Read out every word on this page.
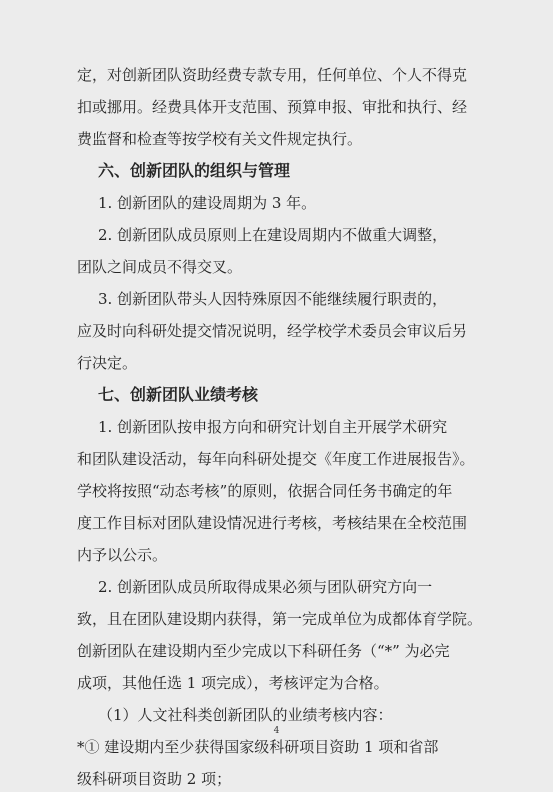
定，对创新团队资助经费专款专用，任何单位、个人不得克
扣或挪用。经费具体开支范围、预算申报、审批和执行、经
费监督和检查等按学校有关文件规定执行。
六、创新团队的组织与管理
1. 创新团队的建设周期为 3 年。
2. 创新团队成员原则上在建设周期内不做重大调整，
团队之间成员不得交叉。
3. 创新团队带头人因特殊原因不能继续履行职责的，
应及时向科研处提交情况说明，经学校学术委员会审议后另
行决定。
七、创新团队业绩考核
1. 创新团队按申报方向和研究计划自主开展学术研究
和团队建设活动，每年向科研处提交《年度工作进展报告》。
学校将按照“动态考核”的原则，依据合同任务书确定的年
度工作目标对团队建设情况进行考核，考核结果在全校范围
内予以公示。
2. 创新团队成员所取得成果必须与团队研究方向一
致，且在团队建设期内获得，第一完成单位为成都体育学院。
创新团队在建设期内至少完成以下科研任务（“*” 为必完
成项，其他任选 1 项完成），考核评定为合格。
（1）人文社科类创新团队的业绩考核内容：
*① 建设期内至少获得国家级科研项目资助 1 项和省部
级科研项目资助 2 项；
4
